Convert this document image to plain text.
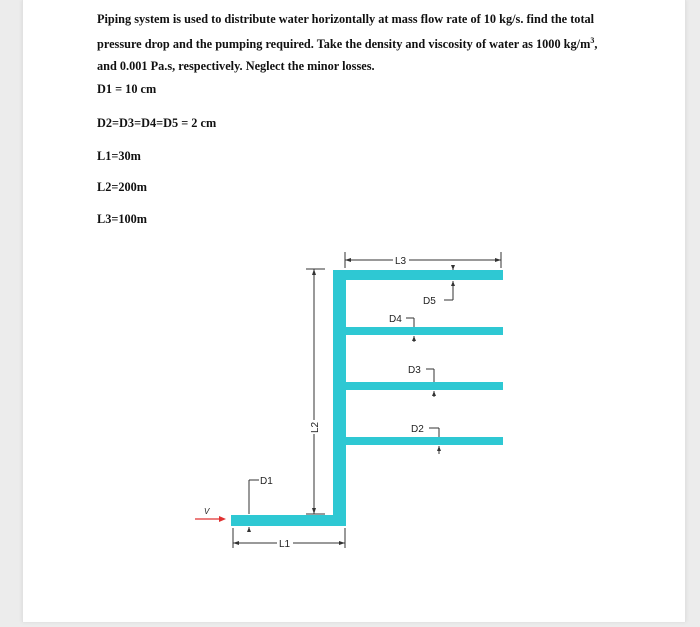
Piping system is used to distribute water horizontally at mass flow rate of 10 kg/s. find the total

pressure drop and the pumping required. Take the density and viscosity of water as 1000 $kg/m^3$,

and 0.001 Pa.s, respectively. Neglect the minor losses.

D1 = 10 cm
D2=D3=D4=D5 = 2 cm
L1=30m
L2=200m
L3=100m
L3
D5
D4
D3
D2
L2
D1
V
L1
